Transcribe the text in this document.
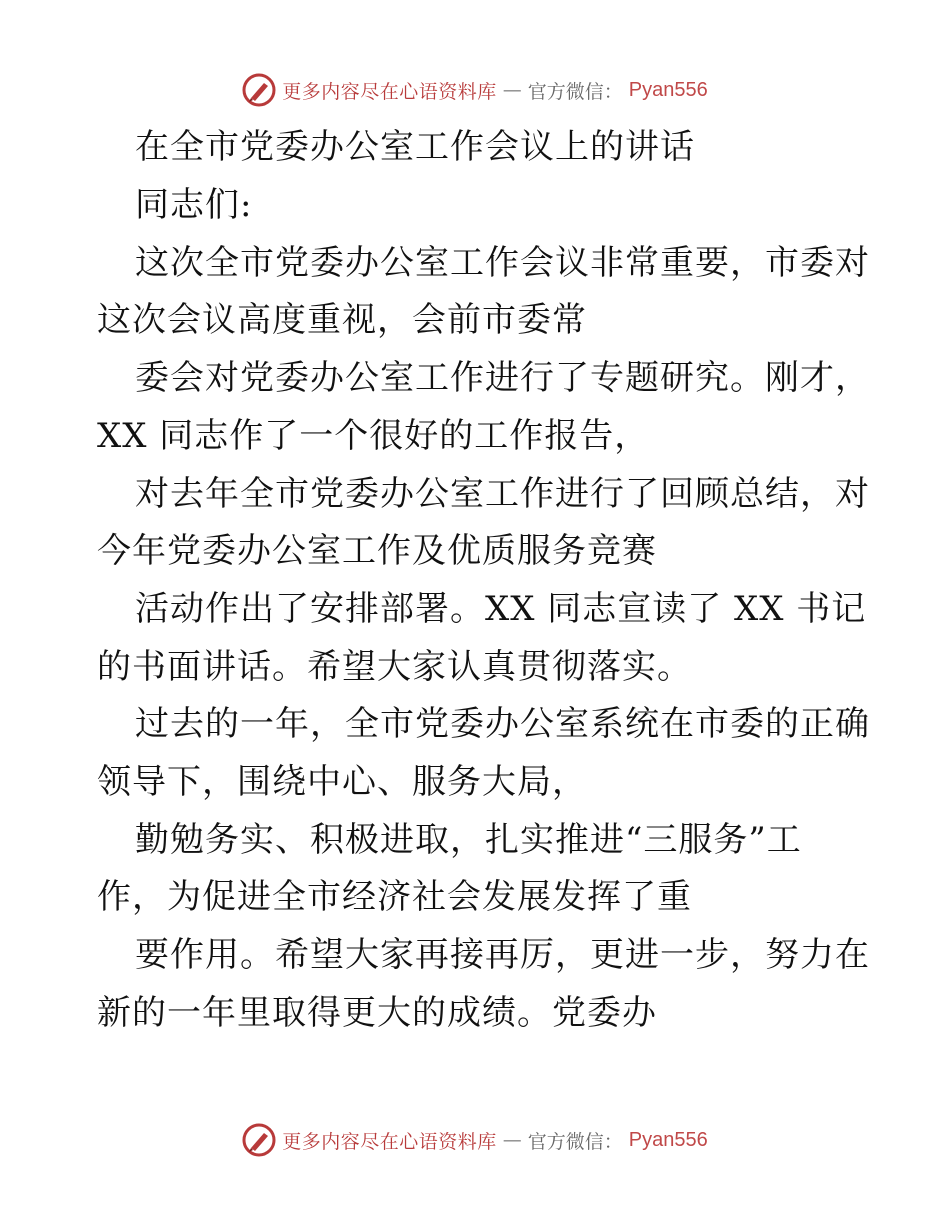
更多内容尽在心语资料库 — 官方微信： Pyan556
在全市党委办公室工作会议上的讲话
同志们:
这次全市党委办公室工作会议非常重要，市委对
这次会议高度重视，会前市委常
委会对党委办公室工作进行了专题研究。刚才，
XX 同志作了一个很好的工作报告，
对去年全市党委办公室工作进行了回顾总结，对
今年党委办公室工作及优质服务竞赛
活动作出了安排部署。XX 同志宣读了 XX 书记
的书面讲话。希望大家认真贯彻落实。
过去的一年，全市党委办公室系统在市委的正确
领导下，围绕中心、服务大局，
勤勉务实、积极进取，扎实推进“三服务”工
作，为促进全市经济社会发展发挥了重
要作用。希望大家再接再厉，更进一步，努力在
新的一年里取得更大的成绩。党委办
更多内容尽在心语资料库 — 官方微信： Pyan556
